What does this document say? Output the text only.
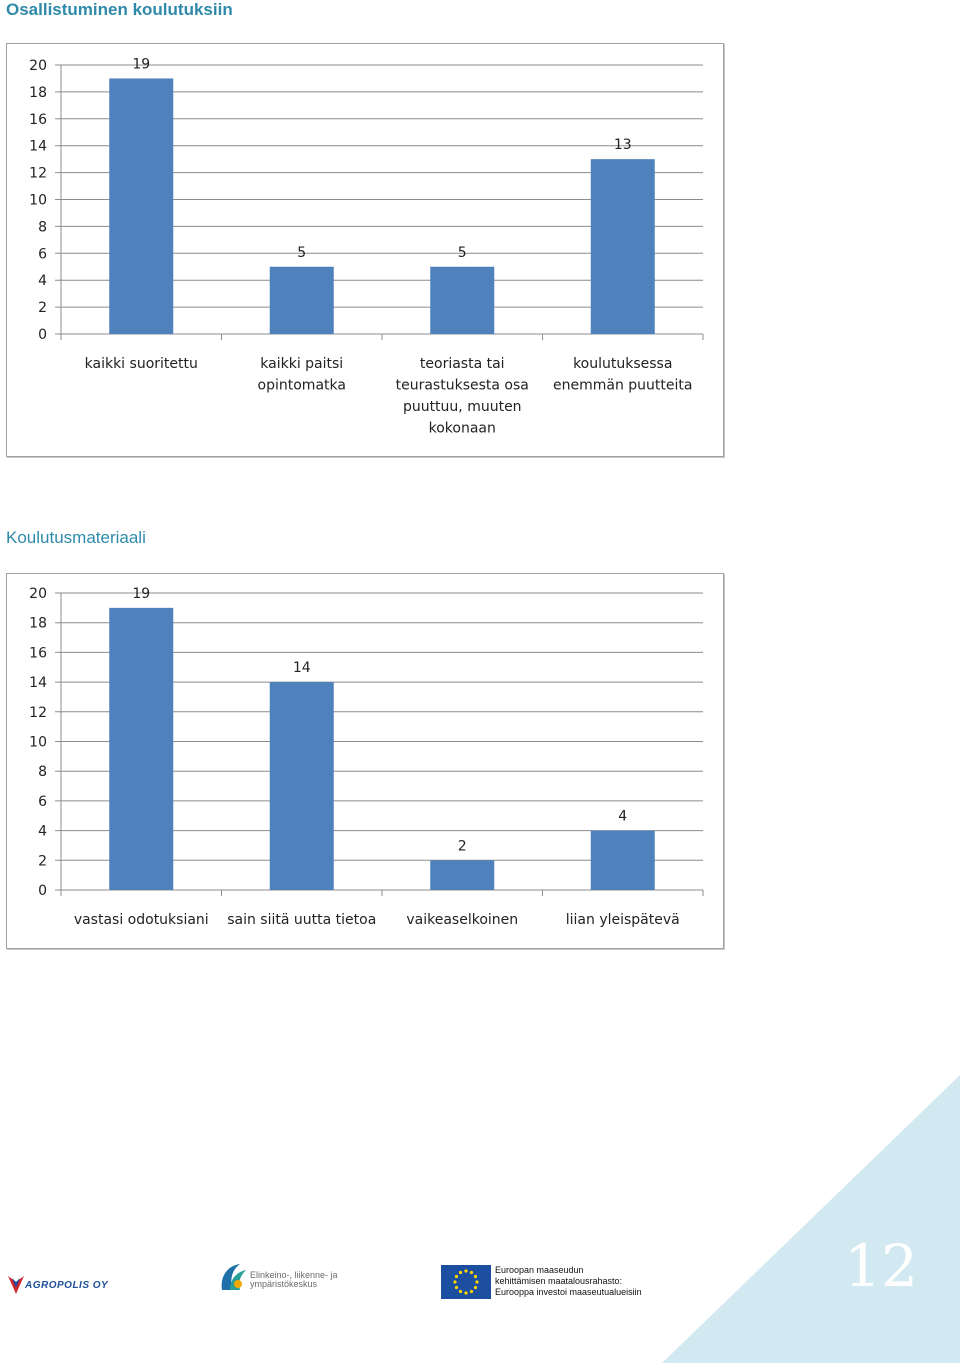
Osallistuminen koulutuksiin
0
2
4
6
8
10
12
14
16
18
20	19
kaikki suoritettu
5
kaikki paitsi
opintomatka
5
teoriasta tai
teurastuksesta osa
puuttuu, muuten
kokonaan
13
koulutuksessa
enemmän puutteita
Koulutusmateriaali
0
2
4
6
8
10
12
14
16
18
20	19
vastasi odotuksiani
14
sain siitä uutta tietoa
2
vaikeaselkoinen
4
liian yleispätevä
AGROPOLIS OY
Elinkeino-, liikenne- ja
ympäristökeskus
Euroopan maaseudun
kehittämisen maatalousrahasto:
Eurooppa investoi maaseutualueisiin	12
